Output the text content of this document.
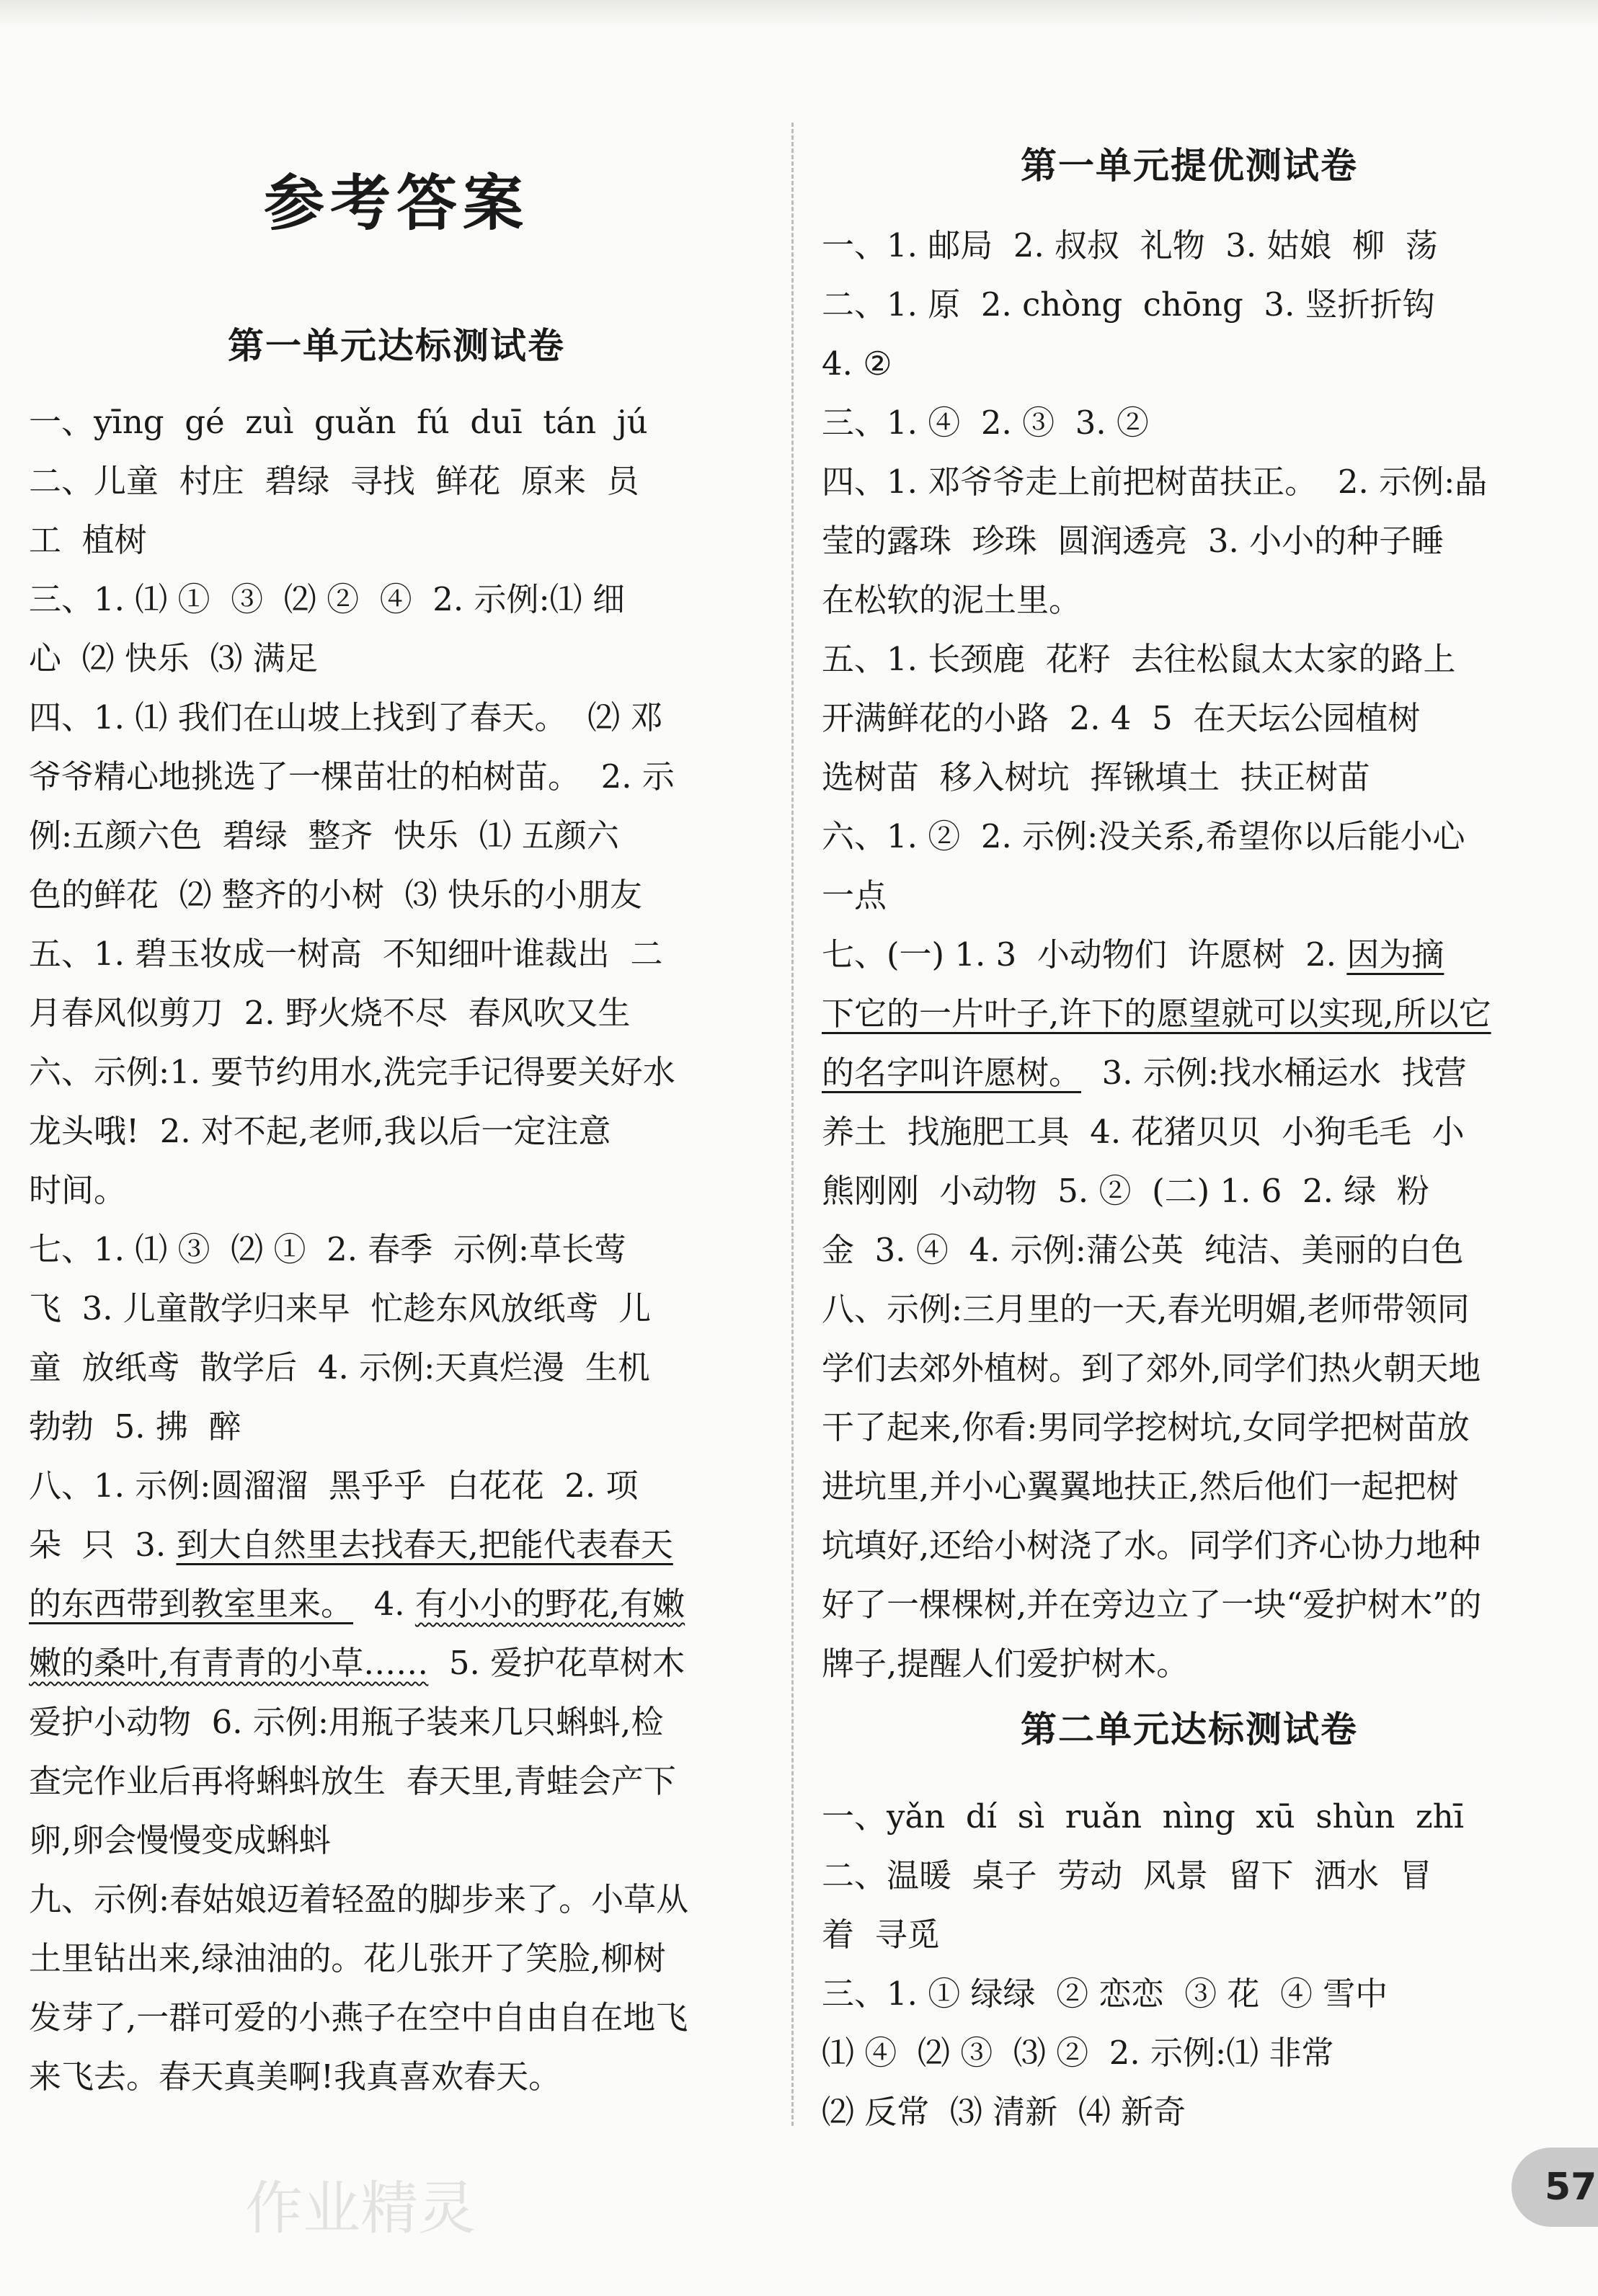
参考答案
第一单元达标测试卷
一、yīng  gé  zuì  guǎn  fú  duī  tán  jú
二、儿童  村庄  碧绿  寻找  鲜花  原来  员
工  植树
三、1. ⑴ ①  ③  ⑵ ②  ④  2. 示例:⑴ 细
心  ⑵ 快乐  ⑶ 满足
四、1. ⑴ 我们在山坡上找到了春天。  ⑵ 邓
爷爷精心地挑选了一棵苗壮的柏树苗。  2. 示
例:五颜六色  碧绿  整齐  快乐  ⑴ 五颜六
色的鲜花  ⑵ 整齐的小树  ⑶ 快乐的小朋友
五、1. 碧玉妆成一树高  不知细叶谁裁出  二
月春风似剪刀  2. 野火烧不尽  春风吹又生
六、示例:1. 要节约用水,洗完手记得要关好水
龙头哦!  2. 对不起,老师,我以后一定注意
时间。
七、1. ⑴ ③  ⑵ ①  2. 春季  示例:草长莺
飞  3. 儿童散学归来早  忙趁东风放纸鸢  儿
童  放纸鸢  散学后  4. 示例:天真烂漫  生机
勃勃  5. 拂  醉
八、1. 示例:圆溜溜  黑乎乎  白花花  2. 项
朵  只  3. 到大自然里去找春天,把能代表春天
的东西带到教室里来。  4. 有小小的野花,有嫩
嫩的桑叶,有青青的小草……  5. 爱护花草树木
爱护小动物  6. 示例:用瓶子装来几只蝌蚪,检
查完作业后再将蝌蚪放生  春天里,青蛙会产下
卵,卵会慢慢变成蝌蚪
九、示例:春姑娘迈着轻盈的脚步来了。小草从
土里钻出来,绿油油的。花儿张开了笑脸,柳树
发芽了,一群可爱的小燕子在空中自由自在地飞
来飞去。春天真美啊!我真喜欢春天。
第一单元提优测试卷
一、1. 邮局  2. 叔叔  礼物  3. 姑娘  柳  荡
二、1. 原  2. chòng  chōng  3. 竖折折钩
4. ②
三、1. ④  2. ③  3. ②
四、1. 邓爷爷走上前把树苗扶正。  2. 示例:晶
莹的露珠  珍珠  圆润透亮  3. 小小的种子睡
在松软的泥土里。
五、1. 长颈鹿  花籽  去往松鼠太太家的路上
开满鲜花的小路  2. 4  5  在天坛公园植树
选树苗  移入树坑  挥锹填土  扶正树苗
六、1. ②  2. 示例:没关系,希望你以后能小心
一点
七、(一) 1. 3  小动物们  许愿树  2. 因为摘
下它的一片叶子,许下的愿望就可以实现,所以它
的名字叫许愿树。  3. 示例:找水桶运水  找营
养土  找施肥工具  4. 花猪贝贝  小狗毛毛  小
熊刚刚  小动物  5. ②  (二) 1. 6  2. 绿  粉
金  3. ④  4. 示例:蒲公英  纯洁、美丽的白色
八、示例:三月里的一天,春光明媚,老师带领同
学们去郊外植树。到了郊外,同学们热火朝天地
干了起来,你看:男同学挖树坑,女同学把树苗放
进坑里,并小心翼翼地扶正,然后他们一起把树
坑填好,还给小树浇了水。同学们齐心协力地种
好了一棵棵树,并在旁边立了一块“爱护树木”的
牌子,提醒人们爱护树木。
第二单元达标测试卷
一、yǎn  dí  sì  ruǎn  nìng  xū  shùn  zhī
二、温暖  桌子  劳动  风景  留下  洒水  冒
着  寻觅
三、1. ① 绿绿  ② 恋恋  ③ 花  ④ 雪中
⑴ ④  ⑵ ③  ⑶ ②  2. 示例:⑴ 非常
⑵ 反常  ⑶ 清新  ⑷ 新奇
57
作业精灵
